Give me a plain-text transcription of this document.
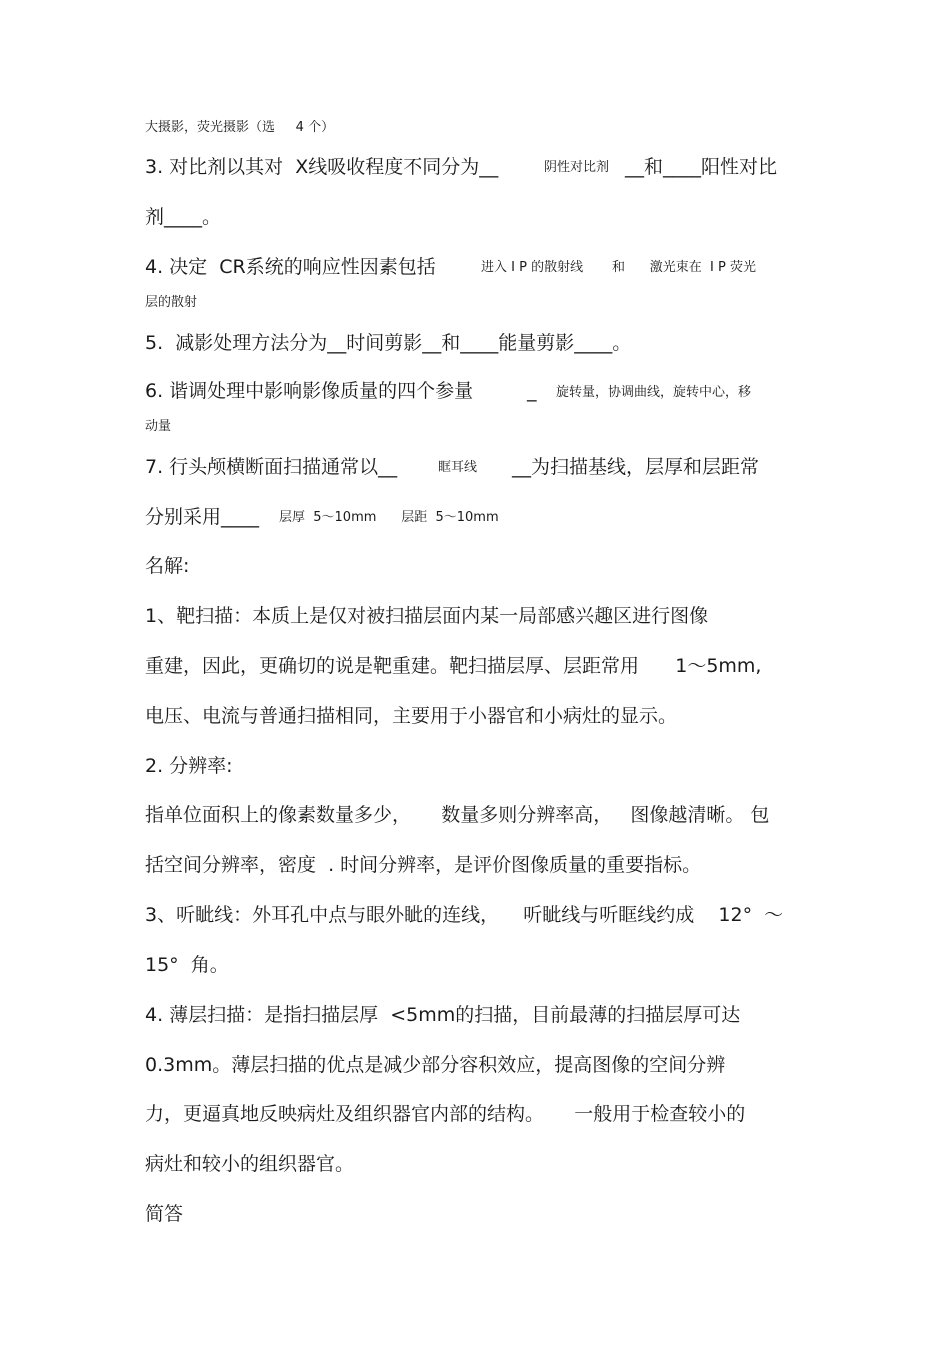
大摄影，荧光摄影（选     4 个）
3. 对比剂以其对  X线吸收程度不同分为__	阴性对比剂 __和____阳性对比
剂____。
4. 决定  CR系统的响应性因素包括	进入 I P 的散射线       和      激光束在  I P 荧光
层的散射
5.  减影处理方法分为__时间剪影__和____能量剪影____。
6. 谐调处理中影响影像质量的四个参量	_ 旋转量，协调曲线，旋转中心，移
动量
7. 行头颅横断面扫描通常以__	眶耳线 __为扫描基线，层厚和层距常
分别采用____ 层厚  5～10mm      层距  5～10mm
名解:
1、靶扫描：本质上是仅对被扫描层面内某一局部感兴趣区进行图像
重建，因此，更确切的说是靶重建。靶扫描层厚、层距常用      1～5mm,
电压、电流与普通扫描相同，主要用于小器官和小病灶的显示。
2. 分辨率:
指单位面积上的像素数量多少，     数量多则分辨率高，   图像越清晰。 包
括空间分辨率，密度  . 时间分辨率，是评价图像质量的重要指标。
3、听眦线：外耳孔中点与眼外眦的连线，    听眦线与听眶线约成    12°  ～
15°  角。
4. 薄层扫描：是指扫描层厚  <5mm的扫描，目前最薄的扫描层厚可达
0.3mm。薄层扫描的优点是减少部分容积效应，提高图像的空间分辨
力，更逼真地反映病灶及组织器官内部的结构。     一般用于检查较小的
病灶和较小的组织器官。
简答
